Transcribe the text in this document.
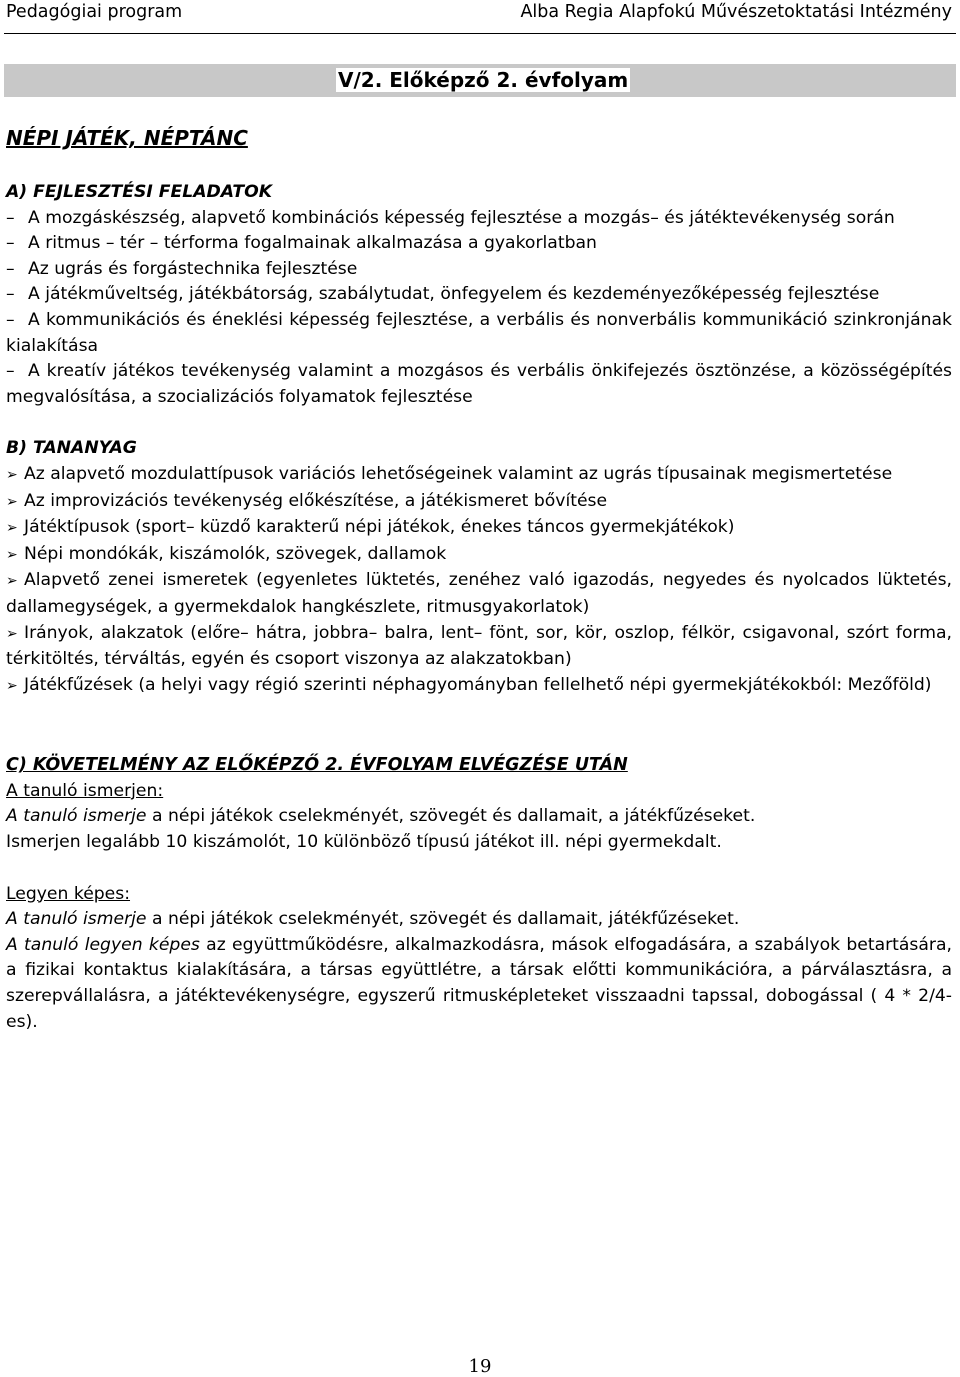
Pedagógiai program	Alba Regia Alapfokú Művészetoktatási Intézmény
V/2. Előképző 2. évfolyam
NÉPI JÁTÉK, NÉPTÁNC

A) FEJLESZTÉSI FELADATOK

– A mozgáskészség, alapvető kombinációs képesség fejlesztése a mozgás– és játéktevékenység során

– A ritmus – tér – térforma fogalmainak alkalmazása a gyakorlatban

– Az ugrás és forgástechnika fejlesztése

– A játékműveltség, játékbátorság, szabálytudat, önfegyelem és kezdeményezőképesség fejlesztése

– A kommunikációs és éneklési képesség fejlesztése, a verbális és nonverbális kommunikáció szinkronjának kialakítása

– A kreatív játékos tevékenység valamint a mozgásos és verbális önkifejezés ösztönzése, a közösségépítés megvalósítása, a szocializációs folyamatok fejlesztése

B) TANANYAG

➢ Az alapvető mozdulattípusok variációs lehetőségeinek valamint az ugrás típusainak megismertetése

➢ Az improvizációs tevékenység előkészítése, a játékismeret bővítése

➢ Játéktípusok (sport– küzdő karakterű népi játékok, énekes táncos gyermekjátékok)

➢ Népi mondókák, kiszámolók, szövegek, dallamok

➢ Alapvető zenei ismeretek (egyenletes lüktetés, zenéhez való igazodás, negyedes és nyolcados lüktetés, dallamegységek, a gyermekdalok hangkészlete, ritmusgyakorlatok)

➢ Irányok, alakzatok (előre– hátra, jobbra– balra, lent– fönt, sor, kör, oszlop, félkör, csigavonal, szórt forma, térkitöltés, térváltás, egyén és csoport viszonya az alakzatokban)

➢ Játékfűzések (a helyi vagy régió szerinti néphagyományban fellelhető népi gyermekjátékokból: Mezőföld)

C) KÖVETELMÉNY AZ ELŐKÉPZŐ 2. ÉVFOLYAM ELVÉGZÉSE UTÁN

A tanuló ismerjen:

A tanuló ismerje a népi játékok cselekményét, szövegét és dallamait, a játékfűzéseket.

Ismerjen legalább 10 kiszámolót, 10 különböző típusú játékot ill. népi gyermekdalt.

Legyen képes:

A tanuló ismerje a népi játékok cselekményét, szövegét és dallamait, játékfűzéseket.

A tanuló legyen képes az együttműködésre, alkalmazkodásra, mások elfogadására, a szabályok betartására, a fizikai kontaktus kialakítására, a társas együttlétre, a társak előtti kommunikációra, a párválasztásra, a szerepvállalásra, a játéktevékenységre, egyszerű ritmusképleteket visszaadni tapssal, dobogással ( 4 * 2/4-es).

19
